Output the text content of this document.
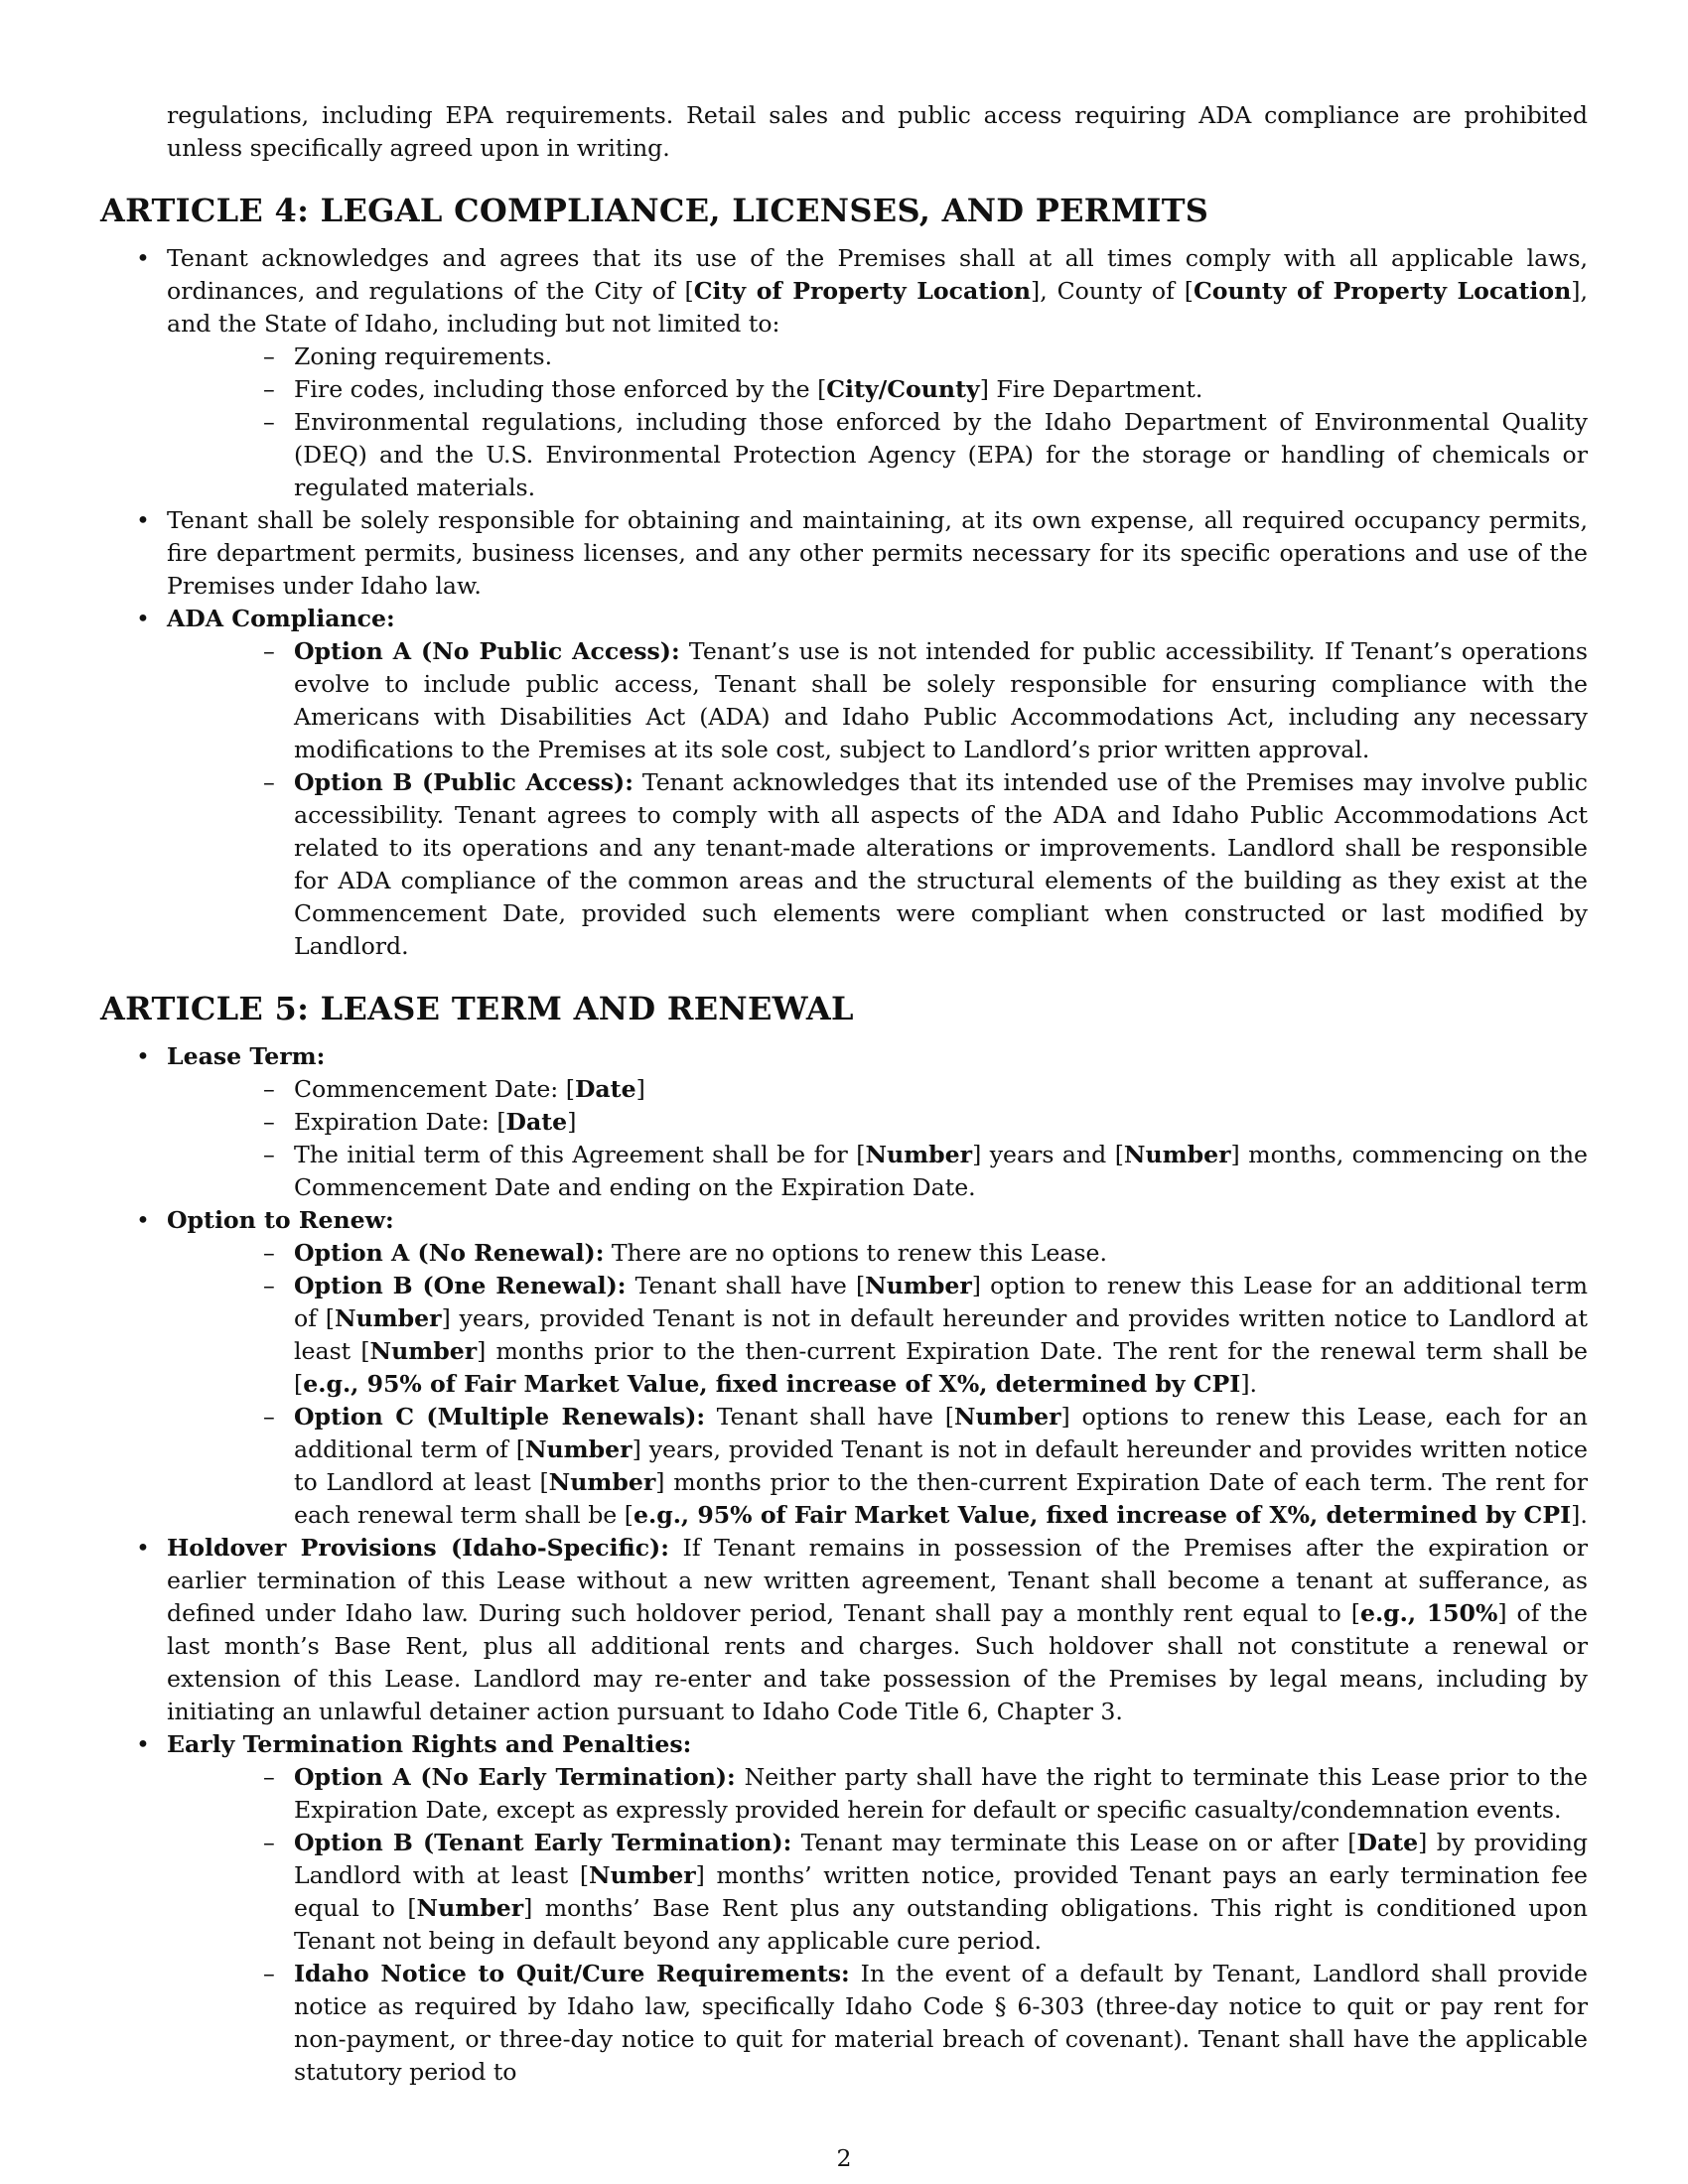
regulations, including EPA requirements. Retail sales and public access requiring ADA compliance are prohibited unless specifically agreed upon in writing.

ARTICLE 4: LEGAL COMPLIANCE, LICENSES, AND PERMITS
• Tenant acknowledges and agrees that its use of the Premises shall at all times comply with all applicable laws, ordinances, and regulations of the City of [City of Property Location], County of [County of Property Location], and the State of Idaho, including but not limited to:
– Zoning requirements.
– Fire codes, including those enforced by the [City/County] Fire Department.
– Environmental regulations, including those enforced by the Idaho Department of Environmental Quality (DEQ) and the U.S. Environmental Protection Agency (EPA) for the storage or handling of chemicals or regulated materials.
• Tenant shall be solely responsible for obtaining and maintaining, at its own expense, all required occupancy permits, fire department permits, business licenses, and any other permits necessary for its specific operations and use of the Premises under Idaho law.
• ADA Compliance:
– Option A (No Public Access): Tenant’s use is not intended for public accessibility. If Tenant’s operations evolve to include public access, Tenant shall be solely responsible for ensuring compliance with the Americans with Disabilities Act (ADA) and Idaho Public Accommodations Act, including any necessary modifications to the Premises at its sole cost, subject to Landlord’s prior written approval.
– Option B (Public Access): Tenant acknowledges that its intended use of the Premises may involve public accessibility. Tenant agrees to comply with all aspects of the ADA and Idaho Public Accommodations Act related to its operations and any tenant-made alterations or improvements. Landlord shall be responsible for ADA compliance of the common areas and the structural elements of the building as they exist at the Commencement Date, provided such elements were compliant when constructed or last modified by Landlord.
ARTICLE 5: LEASE TERM AND RENEWAL
• Lease Term:
– Commencement Date: [Date]
– Expiration Date: [Date]
– The initial term of this Agreement shall be for [Number] years and [Number] months, commencing on the Commencement Date and ending on the Expiration Date.
• Option to Renew:
– Option A (No Renewal): There are no options to renew this Lease.
– Option B (One Renewal): Tenant shall have [Number] option to renew this Lease for an additional term of [Number] years, provided Tenant is not in default hereunder and provides written notice to Landlord at least [Number] months prior to the then-current Expiration Date. The rent for the renewal term shall be [e.g., 95% of Fair Market Value, fixed increase of X%, determined by CPI].
– Option C (Multiple Renewals): Tenant shall have [Number] options to renew this Lease, each for an additional term of [Number] years, provided Tenant is not in default hereunder and provides written notice to Landlord at least [Number] months prior to the then-current Expiration Date of each term. The rent for each renewal term shall be [e.g., 95% of Fair Market Value, fixed increase of X%, determined by CPI].
• Holdover Provisions (Idaho-Specific): If Tenant remains in possession of the Premises after the expiration or earlier termination of this Lease without a new written agreement, Tenant shall become a tenant at sufferance, as defined under Idaho law. During such holdover period, Tenant shall pay a monthly rent equal to [e.g., 150%] of the last month’s Base Rent, plus all additional rents and charges. Such holdover shall not constitute a renewal or extension of this Lease. Landlord may re-enter and take possession of the Premises by legal means, including by initiating an unlawful detainer action pursuant to Idaho Code Title 6, Chapter 3.
• Early Termination Rights and Penalties:
– Option A (No Early Termination): Neither party shall have the right to terminate this Lease prior to the Expiration Date, except as expressly provided herein for default or specific casualty/condemnation events.
– Option B (Tenant Early Termination): Tenant may terminate this Lease on or after [Date] by providing Landlord with at least [Number] months’ written notice, provided Tenant pays an early termination fee equal to [Number] months’ Base Rent plus any outstanding obligations. This right is conditioned upon Tenant not being in default beyond any applicable cure period.
– Idaho Notice to Quit/Cure Requirements: In the event of a default by Tenant, Landlord shall provide notice as required by Idaho law, specifically Idaho Code § 6-303 (three-day notice to quit or pay rent for non-payment, or three-day notice to quit for material breach of covenant). Tenant shall have the applicable statutory period to
2
